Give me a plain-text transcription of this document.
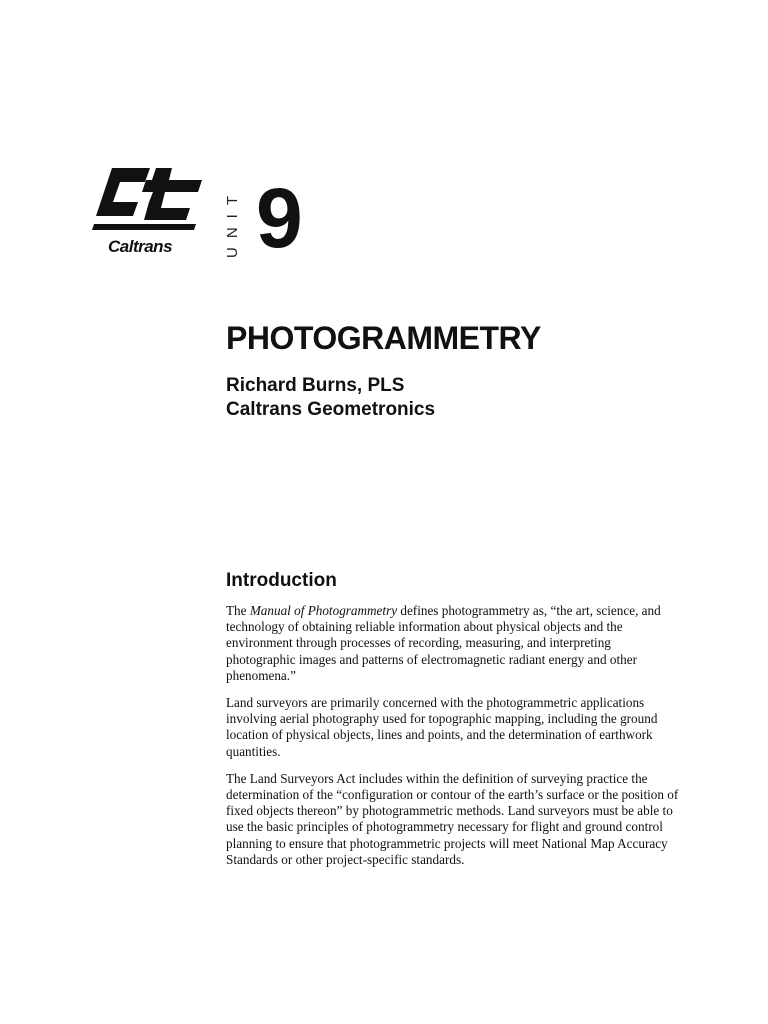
Caltrans	UNIT 9
PHOTOGRAMMETRY
Richard Burns, PLS
Caltrans Geometronics
Introduction

The Manual of Photogrammetry defines photogrammetry as, “the art, science, and technology of obtaining reliable information about physical objects and the environment through processes of recording, measuring, and interpreting photographic images and patterns of electromagnetic radiant energy and other phenomena.”

Land surveyors are primarily concerned with the photogrammetric applications involving aerial photography used for topographic mapping, including the ground location of physical objects, lines and points, and the determination of earthwork quantities.

The Land Surveyors Act includes within the definition of surveying practice the determination of the “configuration or contour of the earth’s surface or the position of fixed objects thereon” by photogrammetric methods. Land surveyors must be able to use the basic principles of photogrammetry necessary for flight and ground control planning to ensure that photogrammetric projects will meet National Map Accuracy Standards or other project-specific standards.
